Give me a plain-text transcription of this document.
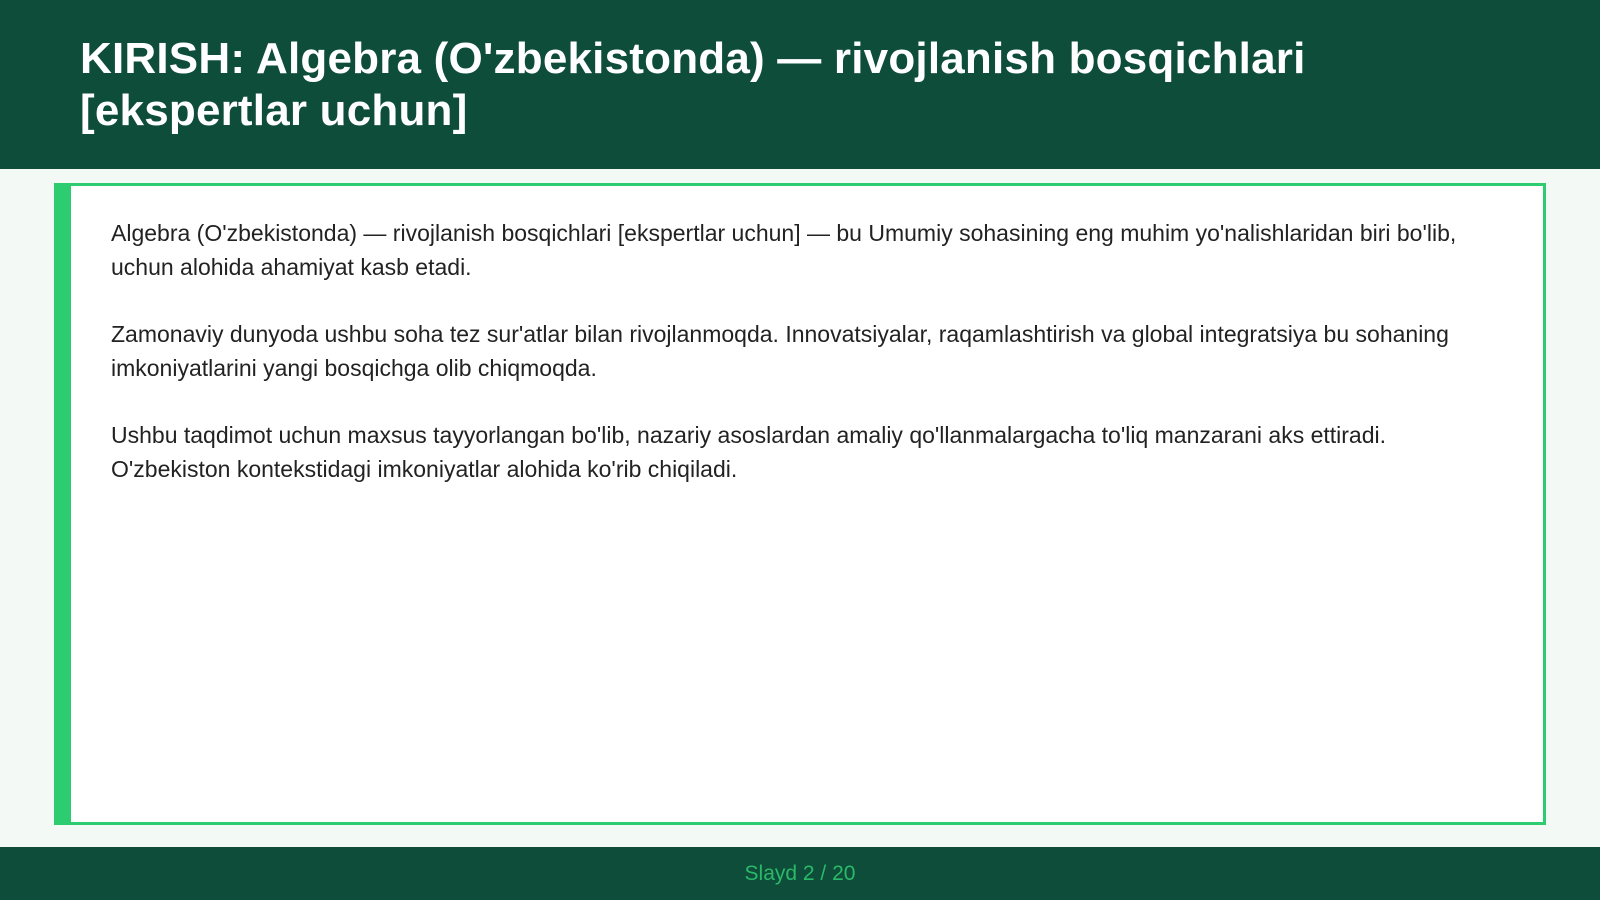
KIRISH: Algebra (O'zbekistonda) — rivojlanish bosqichlari [ekspertlar uchun]

Algebra (O'zbekistonda) — rivojlanish bosqichlari [ekspertlar uchun] — bu Umumiy sohasining eng muhim yo'nalishlaridan biri bo'lib, uchun alohida ahamiyat kasb etadi.

Zamonaviy dunyoda ushbu soha tez sur'atlar bilan rivojlanmoqda. Innovatsiyalar, raqamlashtirish va global integratsiya bu sohaning imkoniyatlarini yangi bosqichga olib chiqmoqda.

Ushbu taqdimot uchun maxsus tayyorlangan bo'lib, nazariy asoslardan amaliy qo'llanmalargacha to'liq manzarani aks ettiradi. O'zbekiston kontekstidagi imkoniyatlar alohida ko'rib chiqiladi.

Slayd 2 / 20
